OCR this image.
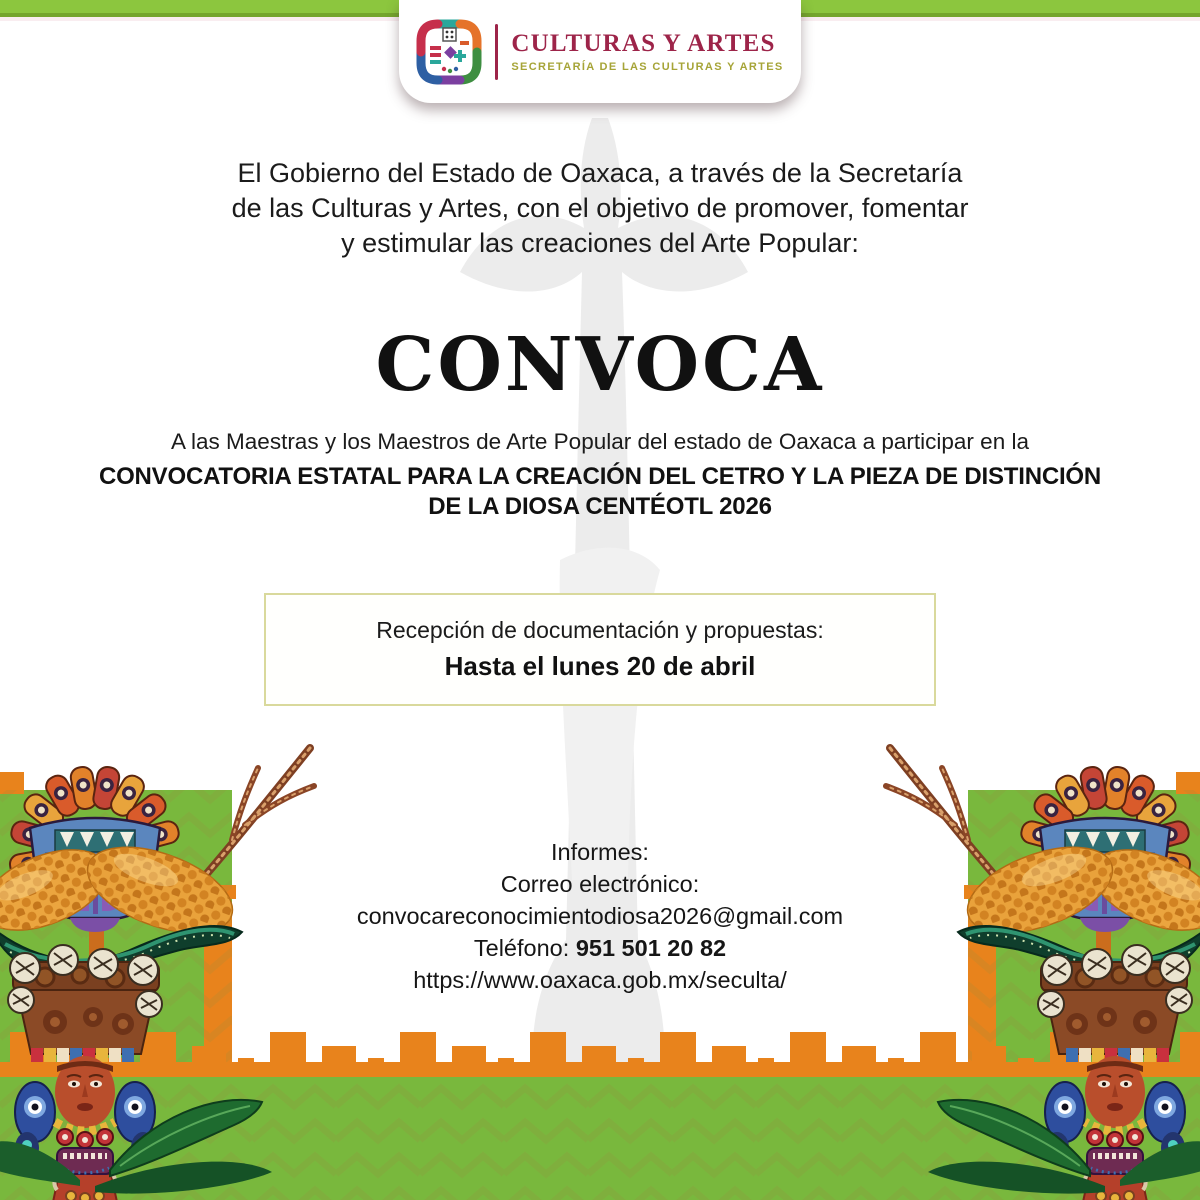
CULTURAS Y ARTES
SECRETARÍA DE LAS CULTURAS Y ARTES
El Gobierno del Estado de Oaxaca, a través de la Secretaría
de las Culturas y Artes, con el objetivo de promover, fomentar
y estimular las creaciones del Arte Popular:
CONVOCA
A las Maestras y los Maestros de Arte Popular del estado de Oaxaca a participar en la
CONVOCATORIA ESTATAL PARA LA CREACIÓN DEL CETRO Y LA PIEZA DE DISTINCIÓN
DE LA DIOSA CENTÉOTL 2026
Recepción de documentación y propuestas:
Hasta el lunes 20 de abril
Informes:
Correo electrónico:
convocareconocimientodiosa2026@gmail.com
Teléfono: 951 501 20 82
https://www.oaxaca.gob.mx/seculta/
